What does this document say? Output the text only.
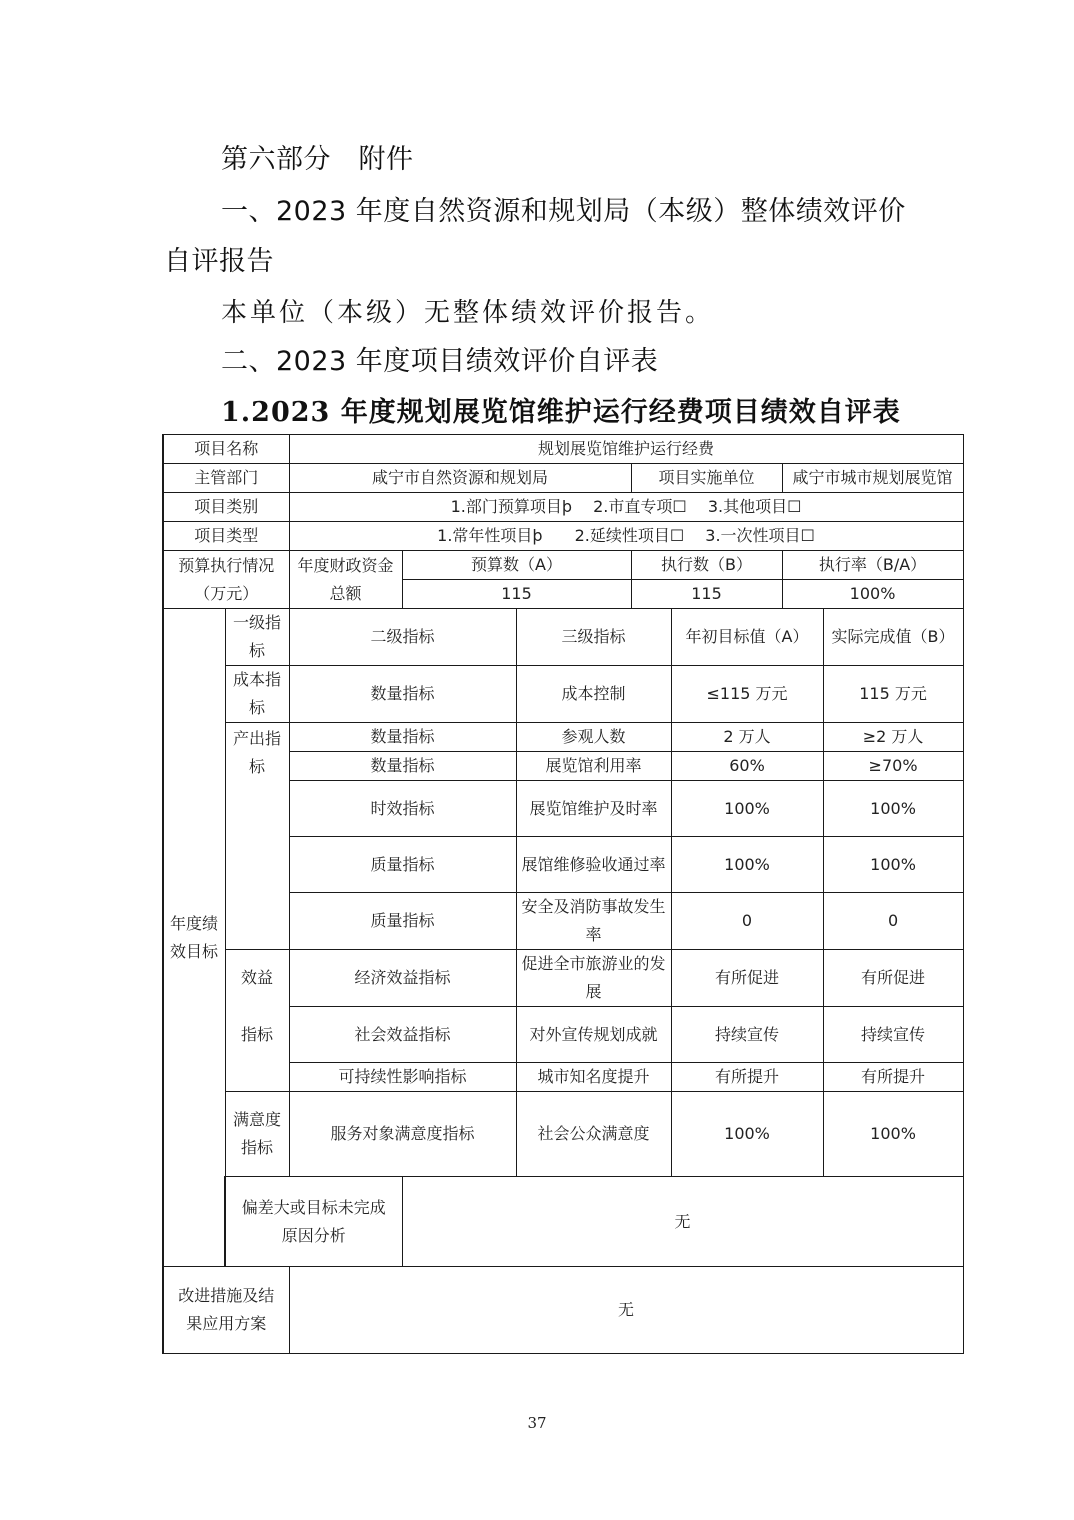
第六部分　附件
一、2023 年度自然资源和规划局（本级）整体绩效评价
自评报告
本单位（本级）无整体绩效评价报告。
二、2023 年度项目绩效评价自评表
1.2023 年度规划展览馆维护运行经费项目绩效自评表
项目名称		规划展览馆维护运行经费						
主管部门		咸宁市自然资源和规划局			项目实施单位		咸宁市城市规划展览馆	
项目类别		1.部门预算项目þ　 2.市直专项☐　 3.其他项目☐						
项目类型		1.常年性项目þ　　2.延续性项目☐　 3.一次性项目☐						
预算执行情况（万元）		年度财政资金总额	预算数（A）		执行数（B）		执行率（B/A）	
			115		115		100%	
年度绩效目标	一级指标	二级指标		三级指标		年初目标值（A）		实际完成值（B）
	成本指标	数量指标		成本控制		≤115 万元		115 万元
	产出指标	数量指标		参观人数		2 万人		≥2 万人
		数量指标		展览馆利用率		60%		≥70%
		时效指标		展览馆维护及时率		100%		100%
		质量指标		展馆维修验收通过率		100%		100%
		质量指标		安全及消防事故发生率		0		0
	效益	经济效益指标		促进全市旅游业的发展		有所促进		有所促进
	指标	社会效益指标		对外宣传规划成就		持续宣传		持续宣传
		可持续性影响指标		城市知名度提升		有所提升		有所提升
	满意度指标	服务对象满意度指标		社会公众满意度		100%		100%
	偏差大或目标未完成原因分析		无					
改进措施及结果应用方案		无						
37
